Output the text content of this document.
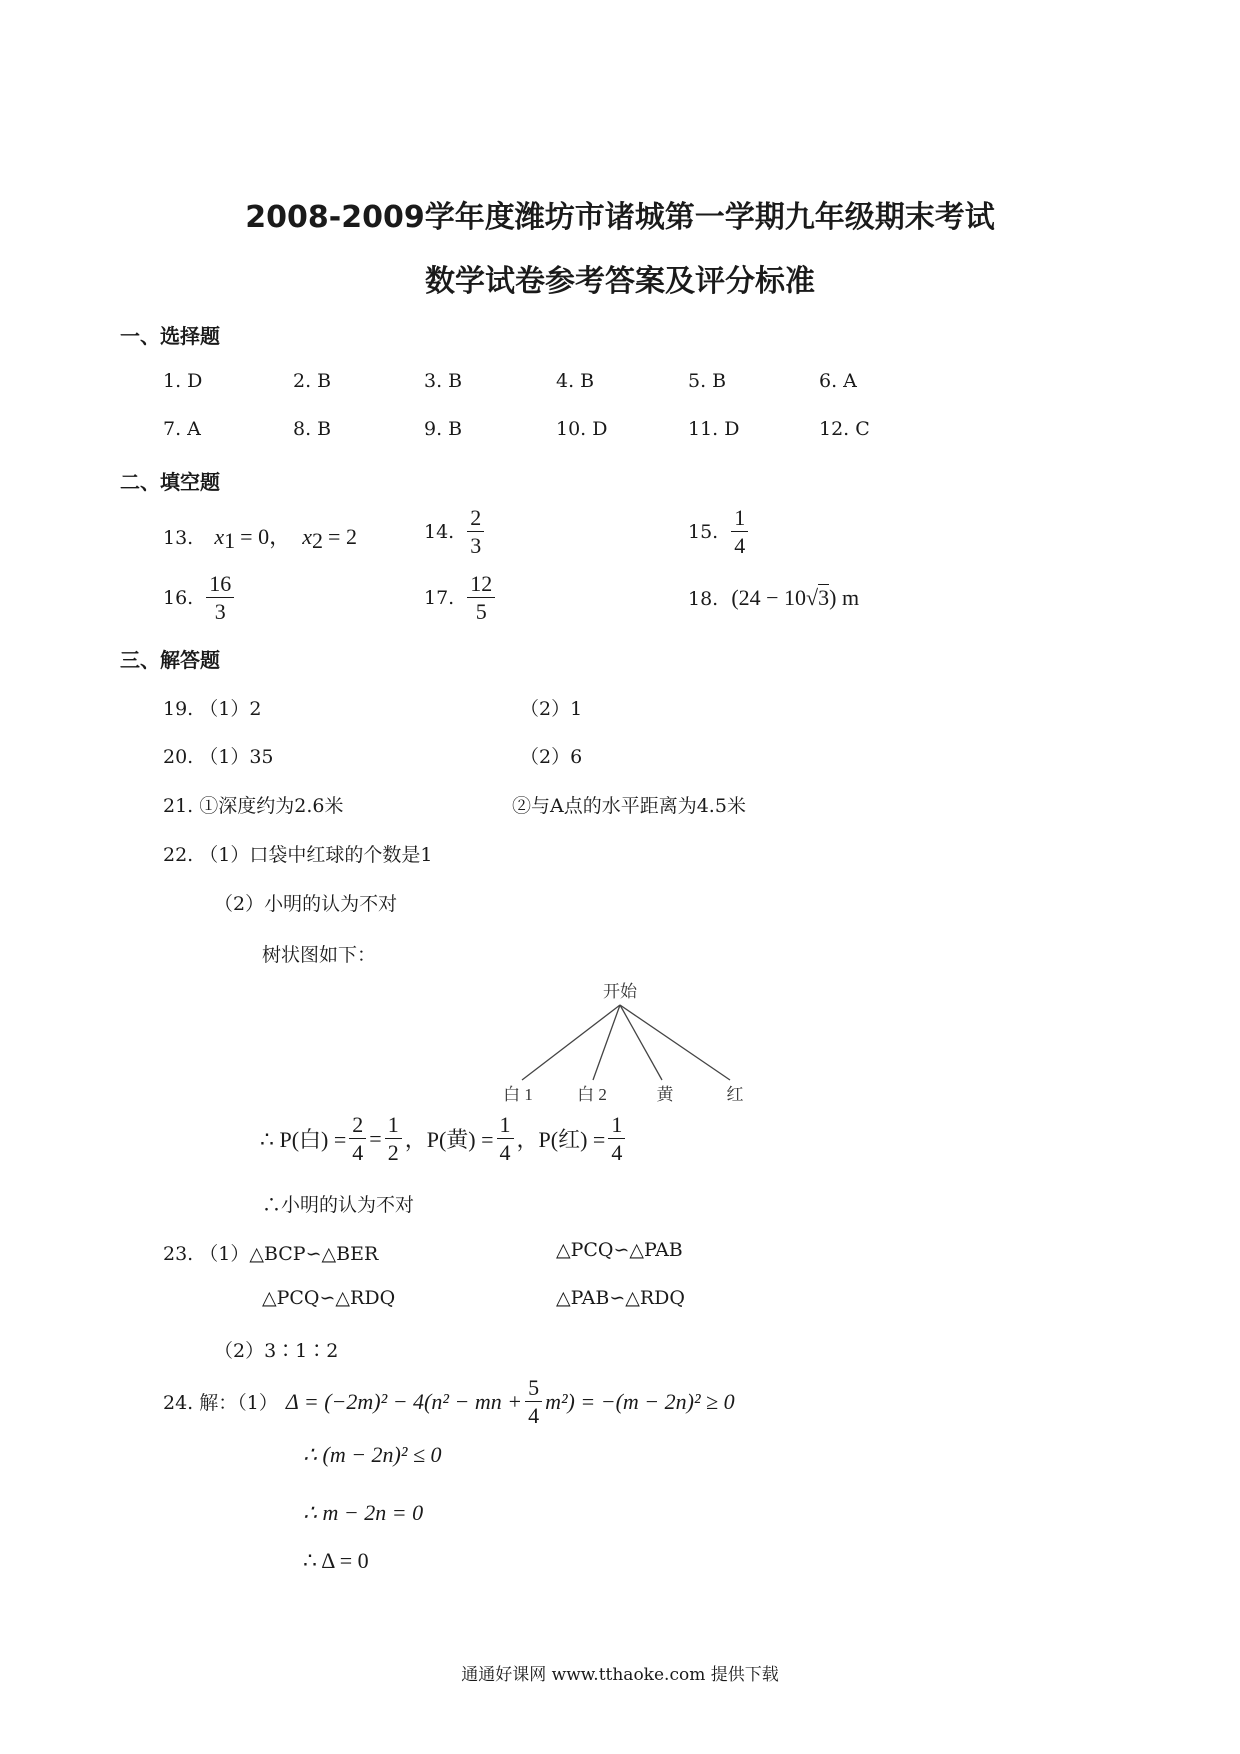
2008-2009学年度潍坊市诸城第一学期九年级期末考试
数学试卷参考答案及评分标准
一、选择题
1. D	2. B	3. B	4. B	5. B	6. A
7. A	8. B	9. B	10. D	11. D	12. C
二、填空题
13. $x_1 = 0$， $x_2 = 2$	14. $\frac{2}{3}$	15. $\frac{1}{4}$
16. $\frac{16}{3}$	17. $\frac{12}{5}$	18. (24 − 10√3) m
三、解答题
19. （1）2	（2）1
20. （1）35	（2）6
21. ①深度约为2.6米	②与A点的水平距离为4.5米
22. （1）口袋中红球的个数是1
（2）小明的认为不对
树状图如下：
开始
白 1	白 2	黄	红
∴ P(白) = $\frac{2}{4} = \frac{1}{2}$ ，P(黄) = $\frac{1}{4}$ ，P(红) = $\frac{1}{4}$
∴小明的认为不对
23. （1）△BCP∽△BER	△PCQ∽△PAB
△PCQ∽△RDQ	△PAB∽△RDQ
（2）3∶1∶2
24. 解：（1） Δ = (−2m)² − 4(n² − mn + $\frac{5}{4} m^2) = -(m - 2n)^2 \ge 0$
∴ (m − 2n)² ≤ 0
∴ m − 2n = 0
∴ Δ = 0
通通好课网 www.tthaoke.com 提供下载
